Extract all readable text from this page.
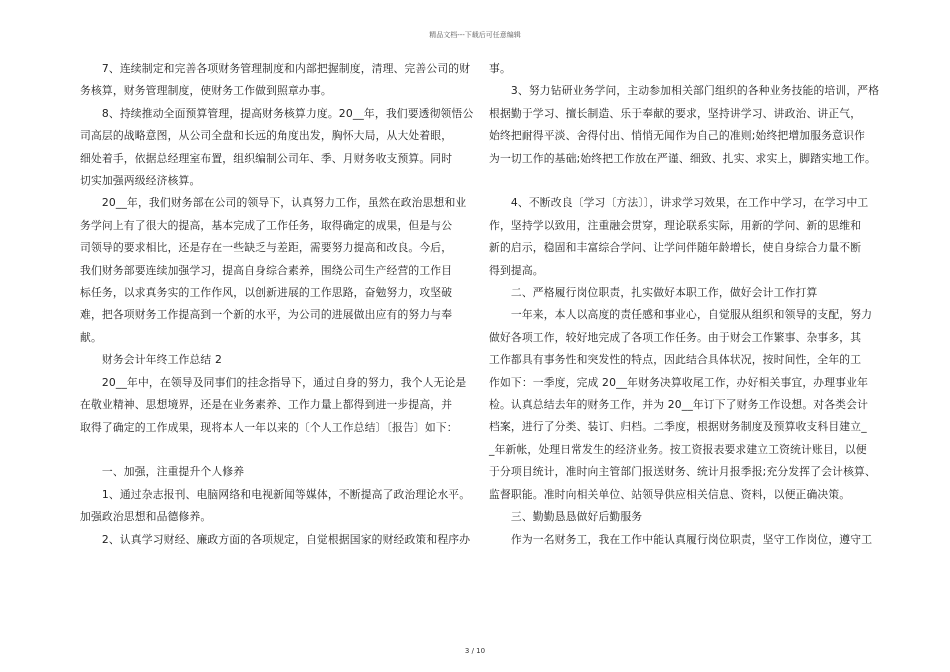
精品文档---下载后可任意编辑

　　7、连续制定和完善各项财务管理制度和内部把握制度，清理、完善公司的财

务核算，财务管理制度，使财务工作做到照章办事。

　　8、持续推动全面预算管理，提高财务核算力度。20__年，我们要透彻领悟公

司高层的战略意图，从公司全盘和长远的角度出发，胸怀大局，从大处着眼，

细处着手，依据总经理室布置，组织编制公司年、季、月财务收支预算。同时

切实加强两级经济核算。

　　20__年，我们财务部在公司的领导下，认真努力工作，虽然在政治思想和业

务学问上有了很大的提高，基本完成了工作任务，取得确定的成果，但是与公

司领导的要求相比，还是存在一些缺乏与差距，需要努力提高和改良。今后，

我们财务部要连续加强学习，提高自身综合素养，围绕公司生产经营的工作目

标任务，以求真务实的工作作风，以创新进展的工作思路，奋勉努力，攻坚破

难，把各项财务工作提高到一个新的水平，为公司的进展做出应有的努力与奉

献。

　　财务会计年终工作总结 2

　　20__年中，在领导及同事们的挂念指导下，通过自身的努力，我个人无论是

在敬业精神、思想境界，还是在业务素养、工作力量上都得到进一步提高，并

取得了确定的工作成果，现将本人一年以来的〔个人工作总结〕〔报告〕如下：

　　一、加强，注重提升个人修养

　　1、通过杂志报刊、电脑网络和电视新闻等媒体，不断提高了政治理论水平。

加强政治思想和品德修养。

　　2、认真学习财经、廉政方面的各项规定，自觉根据国家的财经政策和程序办

事。

　　3、努力钻研业务学问，主动参加相关部门组织的各种业务技能的培训，严格

根据勤于学习、擅长制造、乐于奉献的要求，坚持讲学习、讲政治、讲正气，

始终把耐得平淡、舍得付出、悄悄无闻作为自己的准则;始终把增加服务意识作

为一切工作的基础;始终把工作放在严谨、细致、扎实、求实上，脚踏实地工作。

　　4、不断改良〔学习〔方法〕〕，讲求学习效果，在工作中学习，在学习中工

作，坚持学以致用，注重融会贯穿，理论联系实际，用新的学问、新的思维和

新的启示，稳固和丰富综合学问、让学问伴随年龄增长，使自身综合力量不断

得到提高。

　　二、严格履行岗位职责，扎实做好本职工作，做好会计工作打算

　　一年来，本人以高度的责任感和事业心，自觉服从组织和领导的支配，努力

做好各项工作，较好地完成了各项工作任务。由于财会工作繁事、杂事多，其

工作都具有事务性和突发性的特点，因此结合具体状况，按时间性，全年的工

作如下：一季度，完成 20__年财务决算收尾工作，办好相关事宜，办理事业年

检。认真总结去年的财务工作，并为 20__年订下了财务工作设想。对各类会计

档案，进行了分类、装订、归档。二季度，根据财务制度及预算收支科目建立_

_年新帐，处理日常发生的经济业务。按工资报表要求建立工资统计账目，以便

于分项目统计，准时向主管部门报送财务、统计月报季报;充分发挥了会计核算、

监督职能。准时向相关单位、站领导供应相关信息、资料，以便正确决策。

　　三、勤勤恳恳做好后勤服务

　　作为一名财务工，我在工作中能认真履行岗位职责，坚守工作岗位，遵守工

3 / 10
